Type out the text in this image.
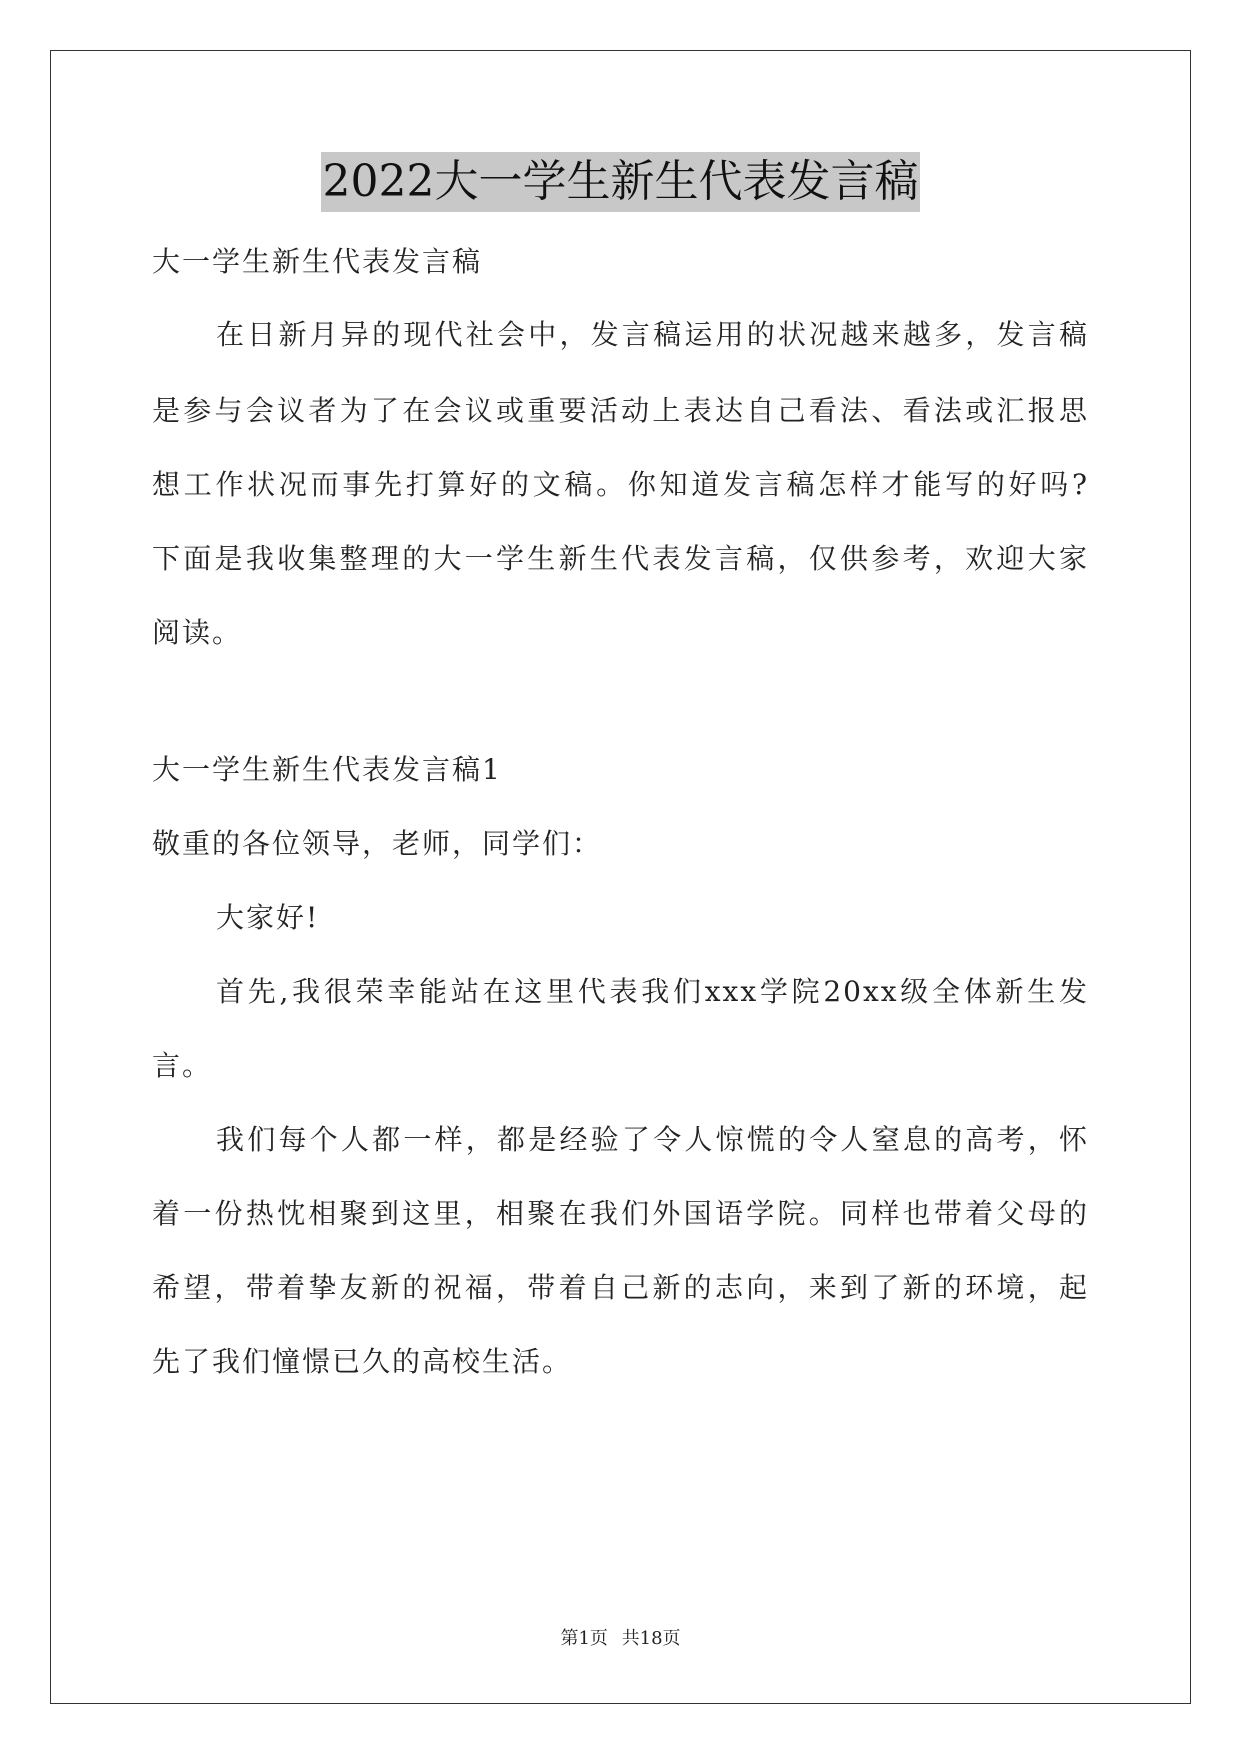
2022大一学生新生代表发言稿
大一学生新生代表发言稿
在日新月异的现代社会中，发言稿运用的状况越来越多，发言稿
是参与会议者为了在会议或重要活动上表达自己看法、看法或汇报思
想工作状况而事先打算好的文稿。你知道发言稿怎样才能写的好吗?
下面是我收集整理的大一学生新生代表发言稿，仅供参考，欢迎大家
阅读。
大一学生新生代表发言稿1
敬重的各位领导，老师，同学们：
大家好!
首先,我很荣幸能站在这里代表我们xxx学院20xx级全体新生发
言。
我们每个人都一样，都是经验了令人惊慌的令人窒息的高考，怀
着一份热忱相聚到这里，相聚在我们外国语学院。同样也带着父母的
希望，带着挚友新的祝福，带着自己新的志向，来到了新的环境，起
先了我们憧憬已久的高校生活。
第1页 共18页
